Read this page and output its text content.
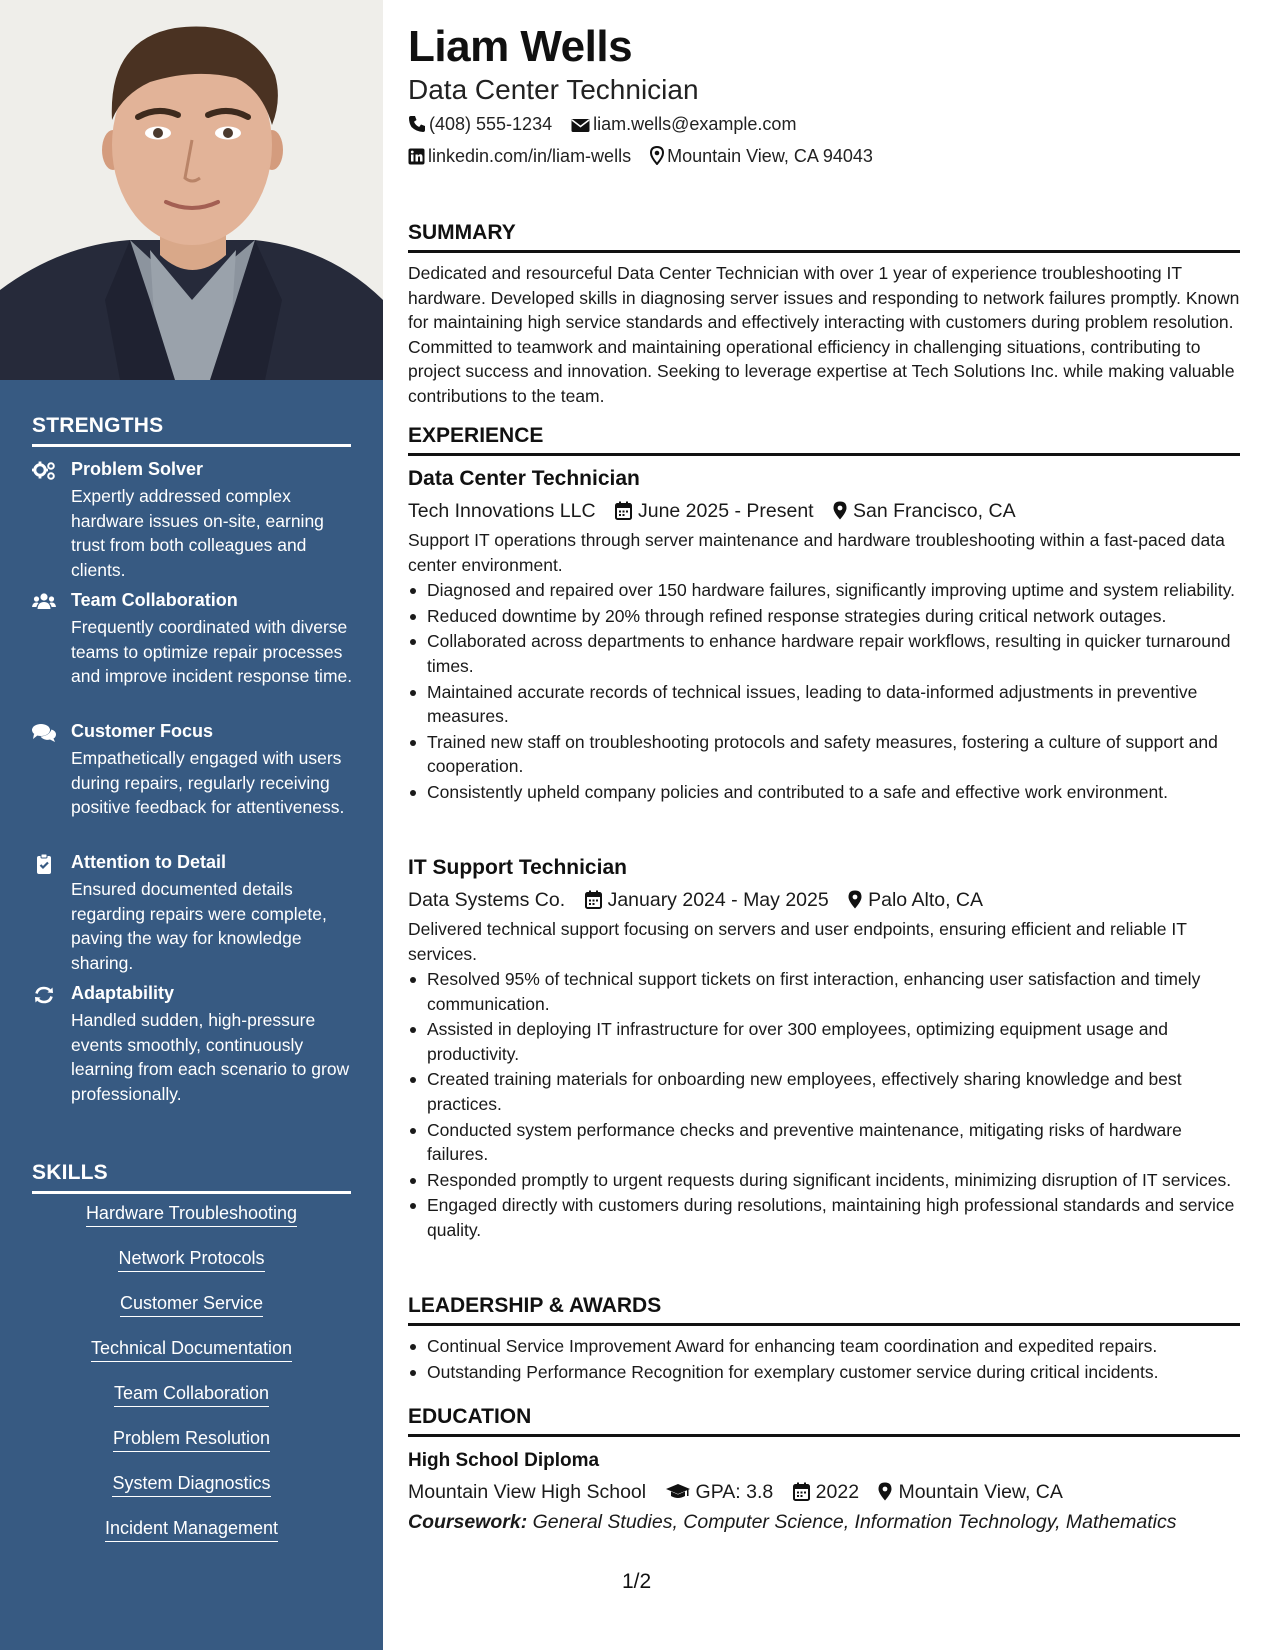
STRENGTHS
Problem Solver
Expertly addressed complex hardware issues on-site, earning trust from both colleagues and clients.
Team Collaboration
Frequently coordinated with diverse teams to optimize repair processes and improve incident response time.
Customer Focus
Empathetically engaged with users during repairs, regularly receiving positive feedback for attentiveness.
Attention to Detail
Ensured documented details regarding repairs were complete, paving the way for knowledge sharing.
Adaptability
Handled sudden, high-pressure events smoothly, continuously learning from each scenario to grow professionally.
SKILLS
Hardware Troubleshooting
Network Protocols
Customer Service
Technical Documentation
Team Collaboration
Problem Resolution
System Diagnostics
Incident Management
Liam Wells
Data Center Technician
(408) 555-1234 liam.wells@example.com
linkedin.com/in/liam-wells Mountain View, CA 94043
SUMMARY
Dedicated and resourceful Data Center Technician with over 1 year of experience troubleshooting IT hardware. Developed skills in diagnosing server issues and responding to network failures promptly. Known for maintaining high service standards and effectively interacting with customers during problem resolution. Committed to teamwork and maintaining operational efficiency in challenging situations, contributing to project success and innovation. Seeking to leverage expertise at Tech Solutions Inc. while making valuable contributions to the team.
EXPERIENCE
Data Center Technician
Tech Innovations LLC June 2025 - Present San Francisco, CA
Support IT operations through server maintenance and hardware troubleshooting within a fast-paced data center environment.
Diagnosed and repaired over 150 hardware failures, significantly improving uptime and system reliability.
Reduced downtime by 20% through refined response strategies during critical network outages.
Collaborated across departments to enhance hardware repair workflows, resulting in quicker turnaround times.
Maintained accurate records of technical issues, leading to data-informed adjustments in preventive measures.
Trained new staff on troubleshooting protocols and safety measures, fostering a culture of support and cooperation.
Consistently upheld company policies and contributed to a safe and effective work environment.
IT Support Technician
Data Systems Co. January 2024 - May 2025 Palo Alto, CA
Delivered technical support focusing on servers and user endpoints, ensuring efficient and reliable IT services.
Resolved 95% of technical support tickets on first interaction, enhancing user satisfaction and timely communication.
Assisted in deploying IT infrastructure for over 300 employees, optimizing equipment usage and productivity.
Created training materials for onboarding new employees, effectively sharing knowledge and best practices.
Conducted system performance checks and preventive maintenance, mitigating risks of hardware failures.
Responded promptly to urgent requests during significant incidents, minimizing disruption of IT services.
Engaged directly with customers during resolutions, maintaining high professional standards and service quality.
LEADERSHIP & AWARDS
Continual Service Improvement Award for enhancing team coordination and expedited repairs.
Outstanding Performance Recognition for exemplary customer service during critical incidents.
EDUCATION
High School Diploma
Mountain View High School	GPA: 3.8 2022 Mountain View, CA
Coursework: General Studies, Computer Science, Information Technology, Mathematics
1/2
